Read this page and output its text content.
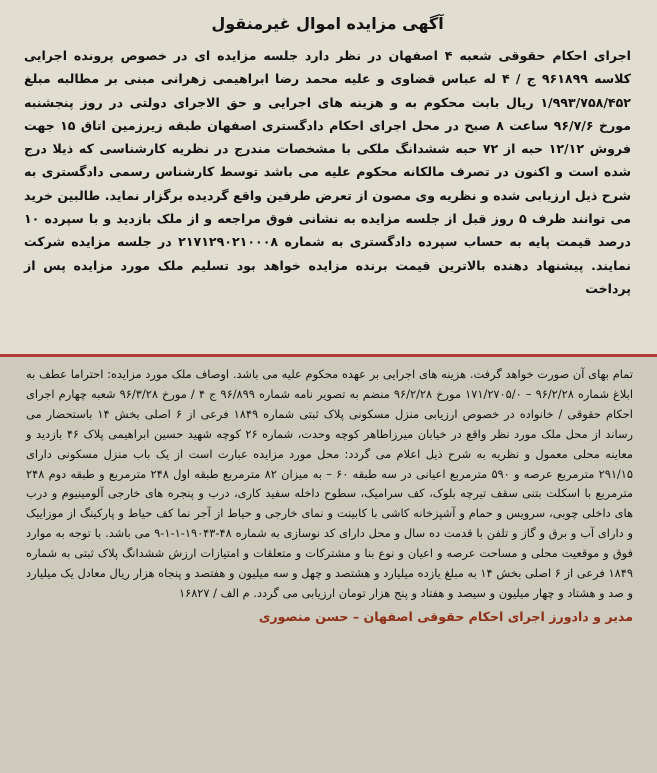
آگهی مزایده اموال غیرمنقول

اجرای احکام حقوقی شعبه ۴ اصفهان در نظر دارد جلسه مزایده ای در خصوص پرونده اجرایی کلاسه ۹۶۱۸۹۹ ج / ۴ له عباس قضاوی و علیه محمد رضا ابراهیمی زهرانی مبنی بر مطالبه مبلغ ۱/۹۹۳/۷۵۸/۴۵۲ ریال بابت محکوم به و هزینه های اجرایی و حق الاجرای دولتی در روز پنجشنبه مورخ ۹۶/۷/۶ ساعت ۸ صبح در محل اجرای احکام دادگستری اصفهان طبقه زیرزمین اتاق ۱۵ جهت فروش ۱۲/۱۲ حبه از ۷۲ حبه ششدانگ ملکی با مشخصات مندرج در نظریه کارشناسی که ذیلا درج شده است و اکنون در تصرف مالکانه محکوم علیه می باشد توسط کارشناس رسمی دادگستری به شرح ذیل ارزیابی شده و نظریه وی مصون از تعرض طرفین واقع گردیده برگزار نماید. طالبین خرید می توانند ظرف ۵ روز قبل از جلسه مزایده به نشانی فوق مراجعه و از ملک بازدید و با سپرده ۱۰ درصد قیمت پایه به حساب سپرده دادگستری به شماره ۲۱۷۱۲۹۰۲۱۰۰۰۸ در جلسه مزایده شرکت نمایند. پیشنهاد دهنده بالاترین قیمت برنده مزایده خواهد بود تسلیم ملک مورد مزایده پس از پرداخت

تمام بهای آن صورت خواهد گرفت. هزینه های اجرایی بر عهده محکوم علیه می باشد. اوصاف ملک مورد مزایده: احتراما عطف به ابلاغ شماره ۹۶/۲/۲۸ – ۱۷۱/۲۷۰۵/۰ مورخ ۹۶/۲/۲۸ منضم به تصویر نامه شماره ۹۶/۸۹۹ ج ۴ / مورخ ۹۶/۳/۲۸ شعبه چهارم اجرای احکام حقوقی / خانواده در خصوص ارزیابی منزل مسکونی پلاک ثبتی شماره ۱۸۴۹ فرعی از ۶ اصلی بخش ۱۴ باستحضار می رساند از محل ملک مورد نظر واقع در خیابان میرزاطاهر کوچه وحدت، شماره ۲۶ کوچه شهید حسین ابراهیمی پلاک ۴۶ بازدید و معاینه محلی معمول و نظریه به شرح ذیل اعلام می گردد: محل مورد مزایده عبارت است از یک باب منزل مسکونی دارای ۲۹۱/۱۵ مترمربع عرصه و ۵۹۰ مترمربع اعیانی در سه طبقه ۶۰ – به میزان ۸۲ مترمربع طبقه اول ۲۴۸ مترمربع و طبقه دوم ۲۴۸ مترمربع با اسکلت بتنی سقف تیرچه بلوک، کف سرامیک، سطوح داخله سفید کاری، درب و پنجره های خارجی آلومینیوم و درب های داخلی چوبی، سرویس و حمام و آشپزخانه کاشی با کابینت و نمای خارجی و حیاط از آجر نما کف حیاط و پارکینگ از موزاییک و دارای آب و برق و گاز و تلفن با قدمت ده سال و محل دارای کد نوسازی به شماره ۴۸-۱۹۰۴۳-۱-۱-۹ می باشد. با توجه به موارد فوق و موقعیت محلی و مساحت عرصه و اعیان و نوع بنا و مشترکات و متعلقات و امتیازات ارزش ششدانگ پلاک ثبتی به شماره ۱۸۴۹ فرعی از ۶ اصلی بخش ۱۴ به مبلغ یازده میلیارد و هشتصد و چهل و سه میلیون و هفتصد و پنجاه هزار ریال معادل یک میلیارد و صد و هشتاد و چهار میلیون و سیصد و هفتاد و پنج هزار تومان ارزیابی می گردد. م الف / ۱۶۸۲۷

مدیر و دادورز اجرای احکام حقوقی اصفهان – حسن منصوری
